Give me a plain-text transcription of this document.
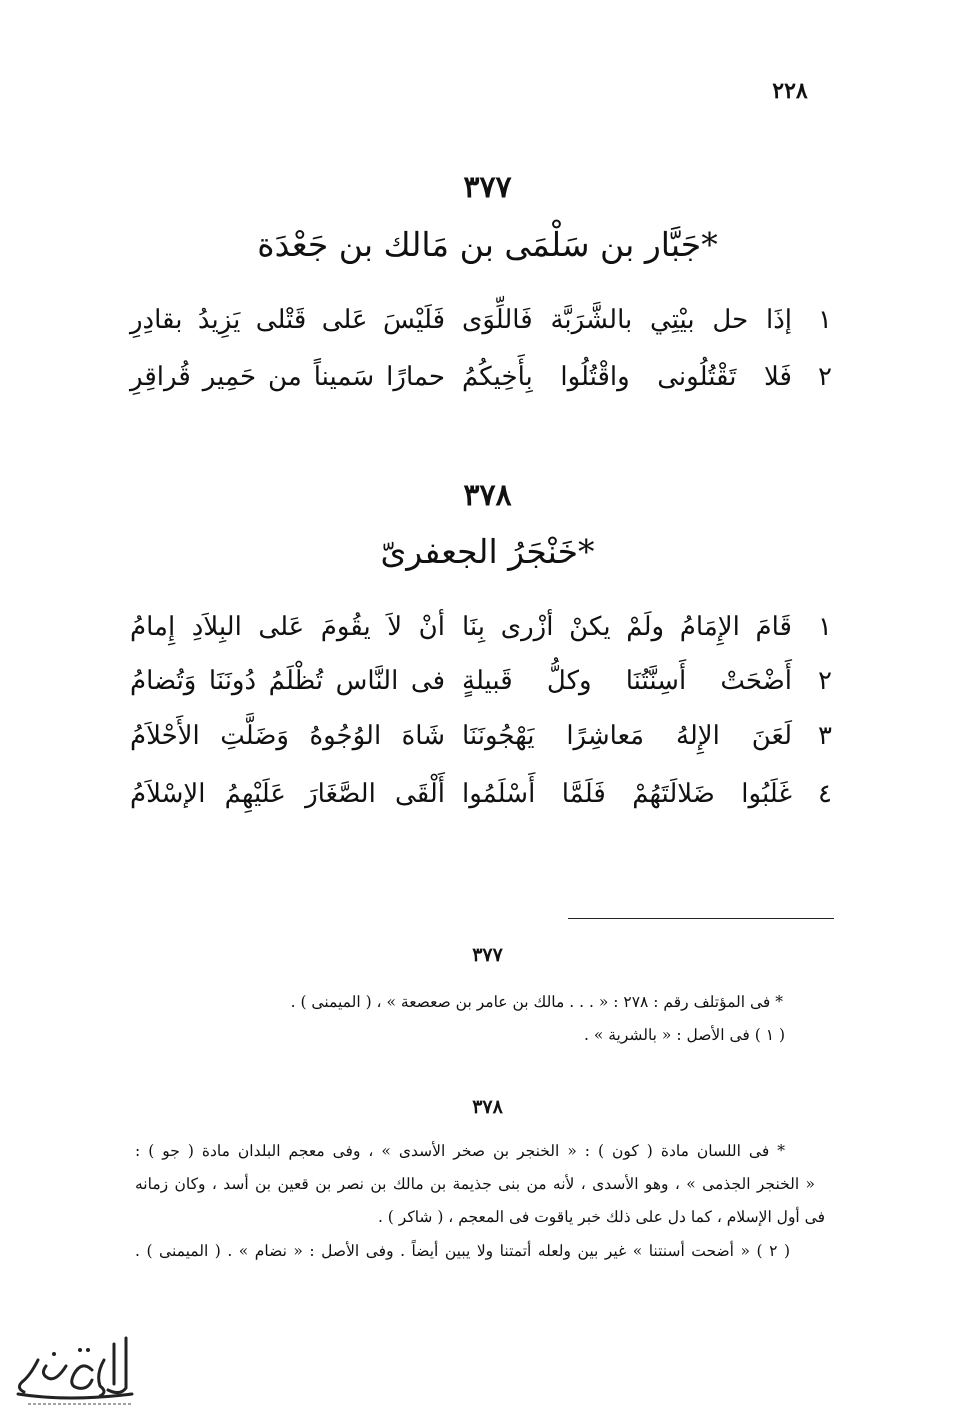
٢٢٨
٣٧٧
جَبَّار بن سَلْمَى بن مَالك بن جَعْدَة*
١
إذَا حل بيْتِي بالشَّرَبَّة فَاللِّوَى
فَلَيْسَ عَلى قَتْلى يَزِيدُ بقادِرِ
٢
فَلا تَقْتُلُونى واقْتُلُوا بِأَخِيكُمُ
حمارًا سَميناً من حَمِير قُراقِرِ
٣٧٨
خَنْجَرُ الجعفرىّ*
١
قَامَ الإِمَامُ ولَمْ يكنْ أزْرى بِنَا
أنْ لاَ يقُومَ عَلى البِلاَدِ إِمامُ
٢
أَضْحَتْ أَسِنَّتُنَا وكلُّ قَبيلةٍ
فى النَّاس تُظْلَمُ دُونَنَا وَتُضامُ
٣
لَعَنَ الإِلهُ مَعاشِرًا يَهْجُونَنَا
شَاهَ الوُجُوهُ وَضَلَّتِ الأَحْلاَمُ
٤
غَلَبُوا ضَلالَتَهُمْ فَلَمَّا أَسْلَمُوا
أَلْقَى الصَّغَارَ عَلَيْهِمُ الإسْلاَمُ
٣٧٧
* فى المؤتلف رقم : ٢٧٨ : « . . . مالك بن عامر بن صعصعة » ، ( الميمنى ) .
( ١ ) فى الأصل : « بالشرية » .
٣٧٨
* فى اللسان مادة ( كون ) : « الخنجر بن صخر الأسدى » ، وفى معجم البلدان مادة ( جو ) :
« الخنجر الجذمى » ، وهو الأسدى ، لأنه من بنى جذيمة بن مالك بن نصر بن قعين بن أسد ، وكان زمانه
فى أول الإسلام ، كما دل على ذلك خبر ياقوت فى المعجم ، ( شاكر ) .
( ٢ ) « أضحت أسنتنا » غير بين ولعله أتمتنا ولا يبين أيضاً . وفى الأصل : « نضام » . ( الميمنى ) .
